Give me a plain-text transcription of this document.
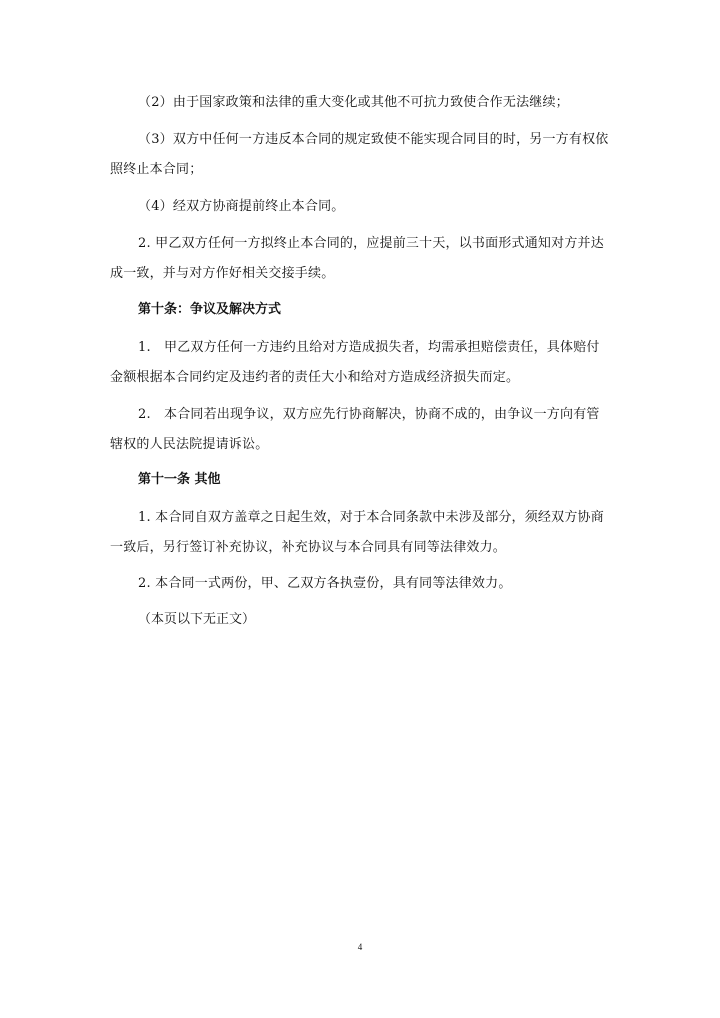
（2）由于国家政策和法律的重大变化或其他不可抗力致使合作无法继续；
（3）双方中任何一方违反本合同的规定致使不能实现合同目的时，另一方有权依照终止本合同；
（4）经双方协商提前终止本合同。
2. 甲乙双方任何一方拟终止本合同的，应提前三十天，以书面形式通知对方并达成一致，并与对方作好相关交接手续。
第十条：争议及解决方式
1.　甲乙双方任何一方违约且给对方造成损失者，均需承担赔偿责任，具体赔付金额根据本合同约定及违约者的责任大小和给对方造成经济损失而定。
2.　本合同若出现争议，双方应先行协商解决，协商不成的，由争议一方向有管辖权的人民法院提请诉讼。
第十一条 其他
1. 本合同自双方盖章之日起生效，对于本合同条款中未涉及部分，须经双方协商一致后，另行签订补充协议，补充协议与本合同具有同等法律效力。
2. 本合同一式两份，甲、乙双方各执壹份，具有同等法律效力。
（本页以下无正文）
4
